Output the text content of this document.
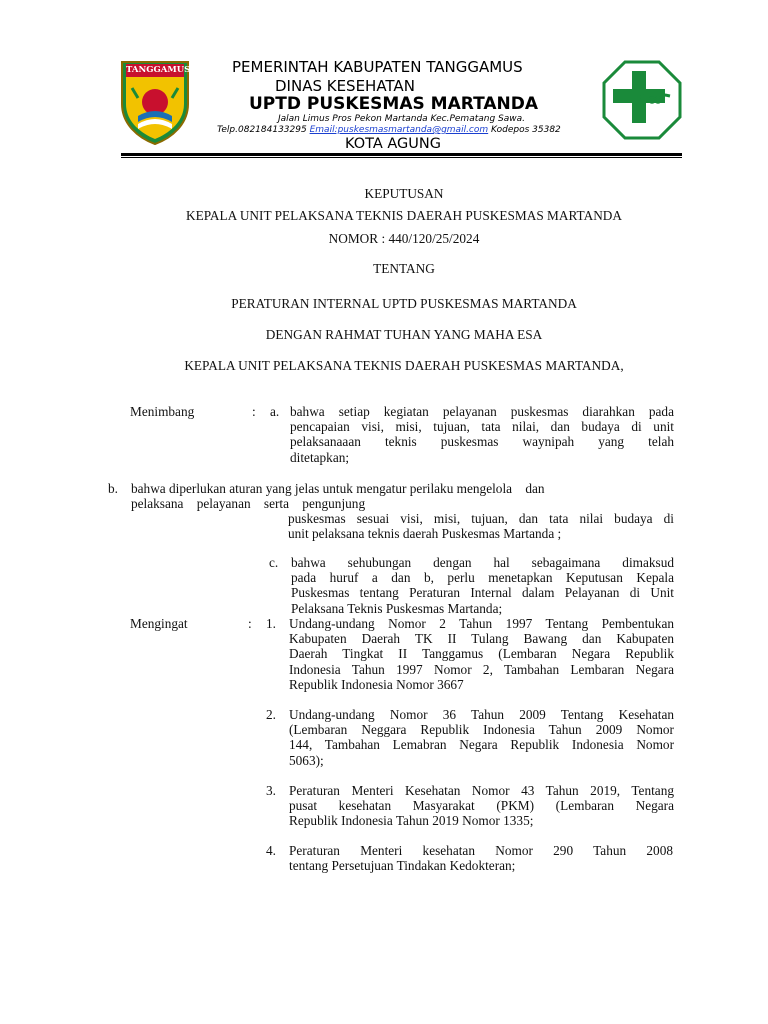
TANGGAMUS	PEMERINTAH KABUPATEN TANGGAMUS
DINAS KESEHATAN
UPTD PUSKESMAS MARTANDA
Jalan Limus Pros Pekon Martanda Kec.Pematang Sawa.
Telp.082184133295 Email:puskesmasmartanda@gmail.com Kodepos 35382
KOTA AGUNG
KEPUTUSAN
KEPALA UNIT PELAKSANA TEKNIS DAERAH PUSKESMAS MARTANDA
NOMOR : 440/120/25/2024
TENTANG
PERATURAN INTERNAL UPTD PUSKESMAS MARTANDA
DENGAN RAHMAT TUHAN YANG MAHA ESA
KEPALA UNIT PELAKSANA TEKNIS DAERAH PUSKESMAS MARTANDA,
Menimbang	: a. bahwa setiap kegiatan pelayanan puskesmas diarahkan pada
pencapaian visi, misi, tujuan, tata nilai, dan budaya di unit
pelaksanaaan teknis puskesmas waynipah yang telah
ditetapkan;
b. bahwa diperlukan aturan yang jelas untuk mengatur perilaku mengelola    dan
pelaksana    pelayanan    serta    pengunjung
puskesmas sesuai visi, misi, tujuan, dan tata nilai budaya di
unit pelaksana teknis daerah Puskesmas Martanda ;
c. bahwa sehubungan dengan hal sebagaimana dimaksud
pada huruf a dan b, perlu menetapkan Keputusan Kepala
Puskesmas tentang Peraturan Internal dalam Pelayanan di Unit
Pelaksana Teknis Puskesmas Martanda;
Mengingat	: 1. Undang-undang Nomor 2 Tahun 1997 Tentang Pembentukan
Kabupaten Daerah TK II Tulang Bawang dan Kabupaten
Daerah Tingkat II Tanggamus (Lembaran Negara Republik
Indonesia Tahun 1997 Nomor 2, Tambahan Lembaran Negara
Republik Indonesia Nomor 3667
2. Undang-undang Nomor 36 Tahun 2009 Tentang Kesehatan
(Lembaran Neggara Republik Indonesia Tahun 2009 Nomor
144, Tambahan Lemabran Negara Republik Indonesia Nomor
5063);
3. Peraturan Menteri Kesehatan Nomor 43 Tahun 2019, Tentang
pusat kesehatan Masyarakat (PKM) (Lembaran Negara
Republik Indonesia Tahun 2019 Nomor 1335;
4. Peraturan Menteri kesehatan Nomor 290 Tahun 2008
tentang Persetujuan Tindakan Kedokteran;
